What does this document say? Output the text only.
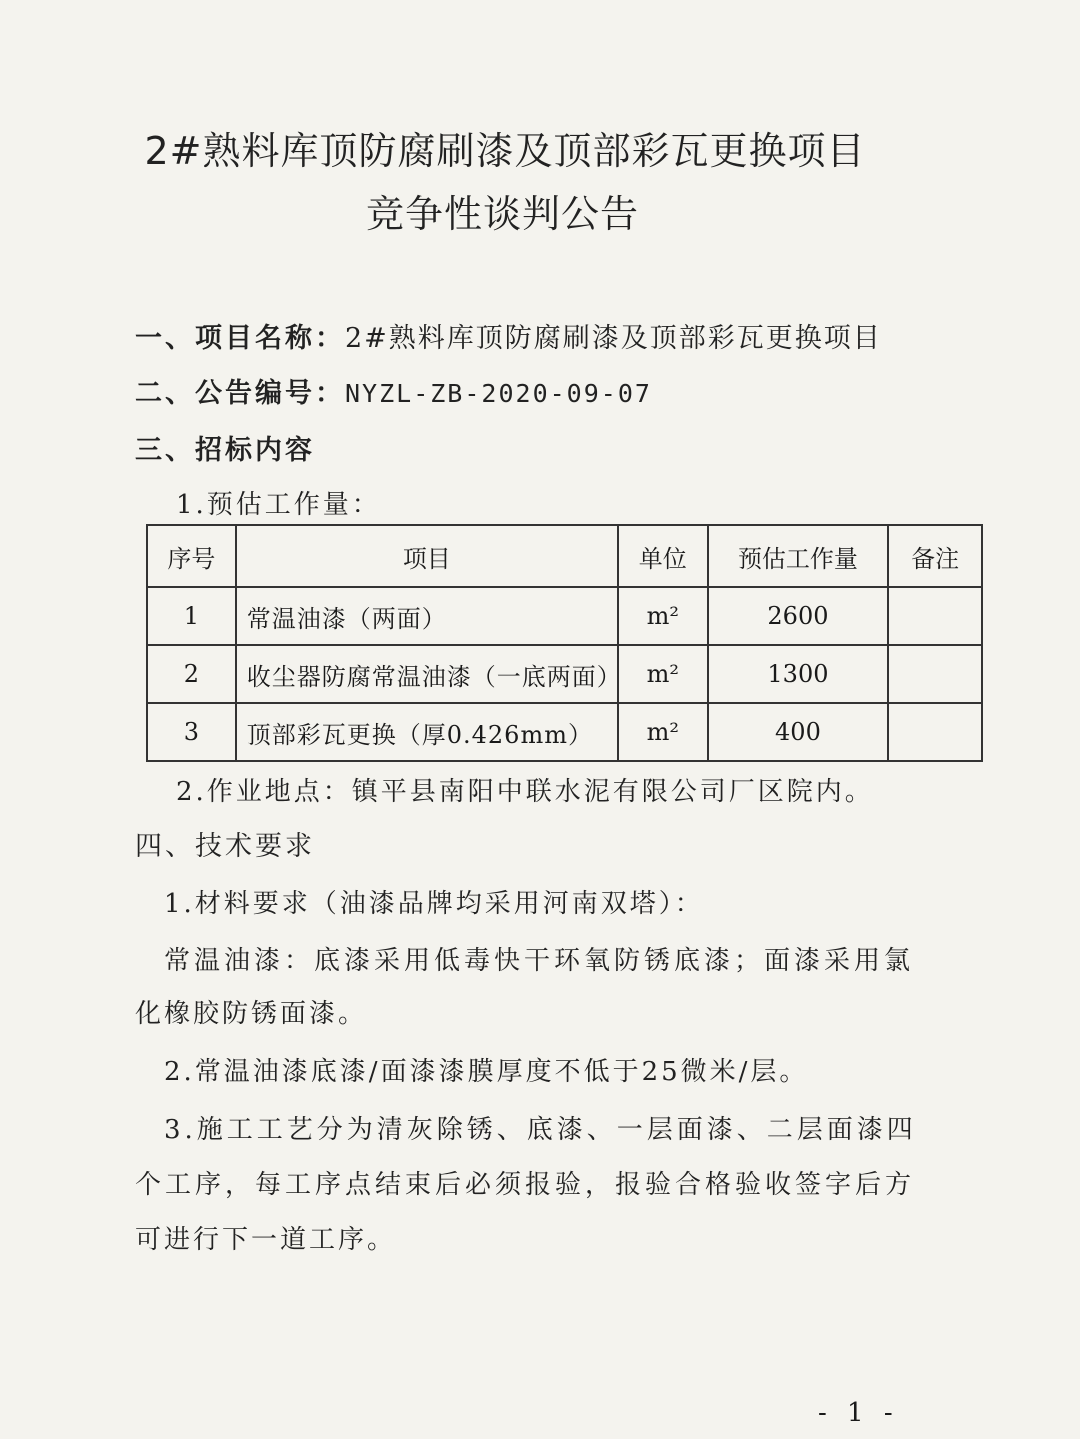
2#熟料库顶防腐刷漆及顶部彩瓦更换项目
竞争性谈判公告
一、项目名称：2#熟料库顶防腐刷漆及顶部彩瓦更换项目
二、公告编号：NYZL-ZB-2020-09-07
三、招标内容
1.预估工作量：
序号	项目	单位	预估工作量	备注
1	常温油漆（两面）	m²	2600	
2	收尘器防腐常温油漆（一底两面）	m²	1300	
3	顶部彩瓦更换（厚0.426mm）	m²	400	
2.作业地点：镇平县南阳中联水泥有限公司厂区院内。
四、技术要求
1.材料要求（油漆品牌均采用河南双塔）：
常温油漆：底漆采用低毒快干环氧防锈底漆；面漆采用氯
化橡胶防锈面漆。
2.常温油漆底漆/面漆漆膜厚度不低于25微米/层。
3.施工工艺分为清灰除锈、底漆、一层面漆、二层面漆四
个工序，每工序点结束后必须报验，报验合格验收签字后方
可进行下一道工序。
- 1 -
